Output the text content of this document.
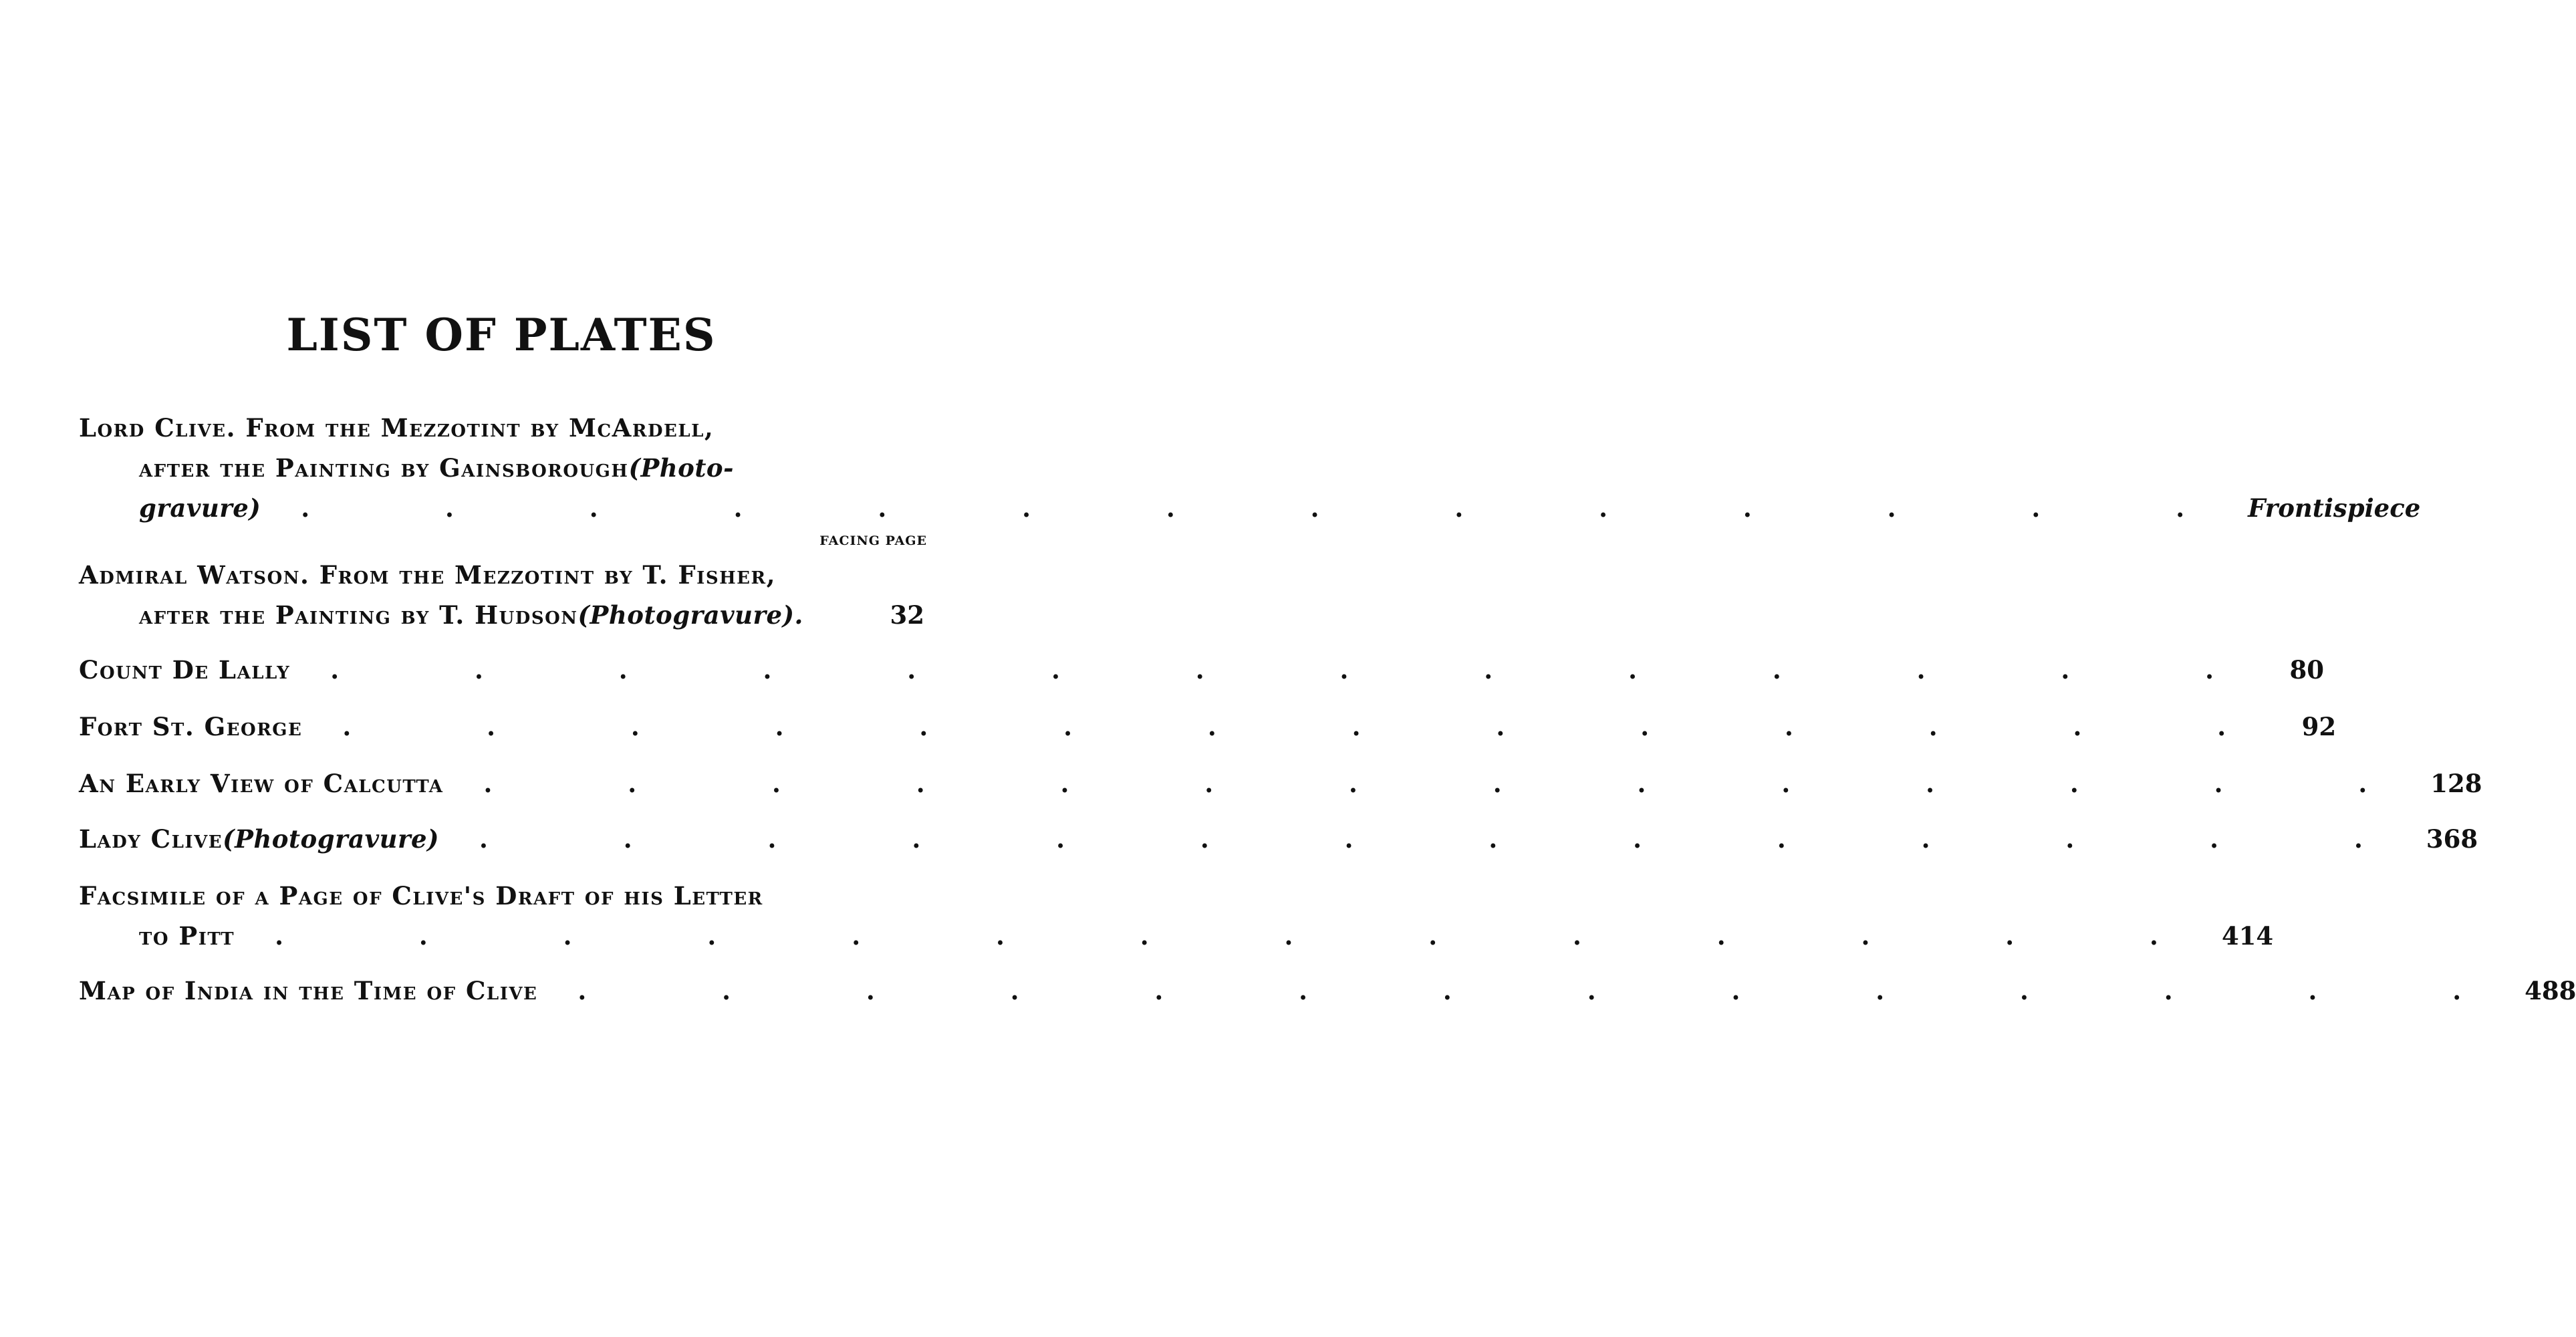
LIST OF PLATES
Lord Clive. From the Mezzotint by McArdell,
after the Painting by Gainsborough (Photo-
gravure)	. . . . . . . . . . . . . . Frontispiece
FACING PAGE
Admiral Watson. From the Mezzotint by T. Fisher,
after the Painting by T. Hudson (Photogravure).	32
Count De Lally	. . . . . . . . . . . . . . 80
Fort St. George	. . . . . . . . . . . . . . 92
An Early View of Calcutta	. . . . . . . . . . . . . . 128
Lady Clive (Photogravure)	. . . . . . . . . . . . . . 368
Facsimile of a Page of Clive's Draft of his Letter
to Pitt	. . . . . . . . . . . . . . 414
Map of India in the Time of Clive	. . . . . . . . . . . . . . 488
